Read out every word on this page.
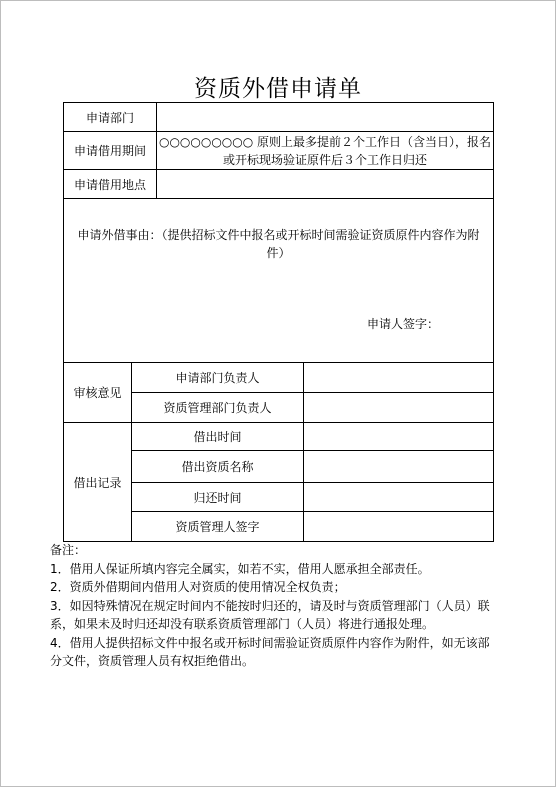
资质外借申请单
申请部门			
申请借用期间		○○○○○○○○○ 原则上最多提前２个工作日（含当日），报名
或开标现场验证原件后３个工作日归还	

申请借用地点			

申请外借事由：（提供招标文件中报名或开标时间需验证资质原件内容作为附件）
申请人签字：			

审核意见	申请部门负责人		
	资质管理部门负责人		
借出记录	借出时间		
	借出资质名称		
	归还时间		
	资质管理人签字		
备注：
1．借用人保证所填内容完全属实，如若不实，借用人愿承担全部责任。
2．资质外借期间内借用人对资质的使用情况全权负责；
3．如因特殊情况在规定时间内不能按时归还的，请及时与资质管理部门（人员）联系，如果未及时归还却没有联系资质管理部门（人员）将进行通报处理。
4．借用人提供招标文件中报名或开标时间需验证资质原件内容作为附件，如无该部分文件，资质管理人员有权拒绝借出。
